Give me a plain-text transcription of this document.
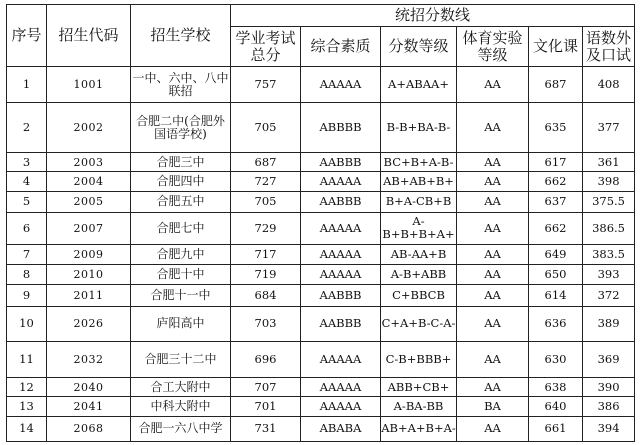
序号	招生代码	招生学校	统招分数线					
			学业考试总分	综合素质	分数等级	体育实验等级	文化课	语数外及口试
1	1001	一中、六中、八中联招	757	AAAAA	A+ABAA+	AA	687	408
2	2002	合肥二中(合肥外国语学校)	705	ABBBB	B-B+BA-B-	AA	635	377
3	2003	合肥三中	687	AABBB	BC+B+A-B-	AA	617	361
4	2004	合肥四中	727	AAAAA	AB+AB+B+	AA	662	398
5	2005	合肥五中	705	AABBB	B+A-CB+B	AA	637	375.5
6	2007	合肥七中	729	AAAAA	A-B+B+B+A+	AA	662	386.5
7	2009	合肥九中	717	AAAAA	AB-AA+B	AA	649	383.5
8	2010	合肥十中	719	AAAAA	A-B+ABB	AA	650	393
9	2011	合肥十一中	684	AABBB	C+BBCB	AA	614	372
10	2026	庐阳高中	703	AABBB	C+A+B-C-A-	AA	636	389
11	2032	合肥三十二中	696	AAAAA	C-B+BBB+	AA	630	369
12	2040	合工大附中	707	AAAAA	ABB+CB+	AA	638	390
13	2041	中科大附中	701	AAAAA	A-BA-BB	BA	640	386
14	2068	合肥一六八中学	731	ABABA	AB+A+B+A-	AA	661	394
